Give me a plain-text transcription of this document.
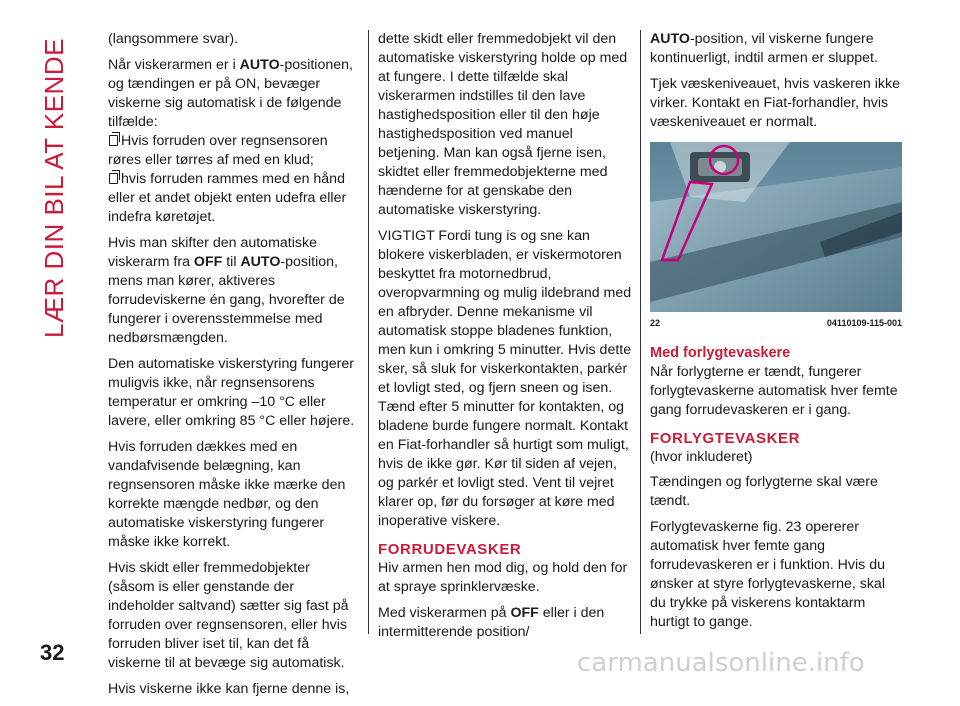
LÆR DIN BIL AT KENDE	(langsommere svar).

Når viskerarmen er i AUTO-positionen, og tændingen er på ON, bevæger viskerne sig automatisk i de følgende tilfælde:
Hvis forruden over regnsensoren røres eller tørres af med en klud;
hvis forruden rammes med en hånd eller et andet objekt enten udefra eller indefra køretøjet.

Hvis man skifter den automatiske viskerarm fra OFF til AUTO-position, mens man kører, aktiveres forrudeviskerne én gang, hvorefter de fungerer i overensstemmelse med nedbørsmængden.

Den automatiske viskerstyring fungerer muligvis ikke, når regnsensorens temperatur er omkring –10 °C eller lavere, eller omkring 85 °C eller højere.

Hvis forruden dækkes med en vandafvisende belægning, kan regnsensoren måske ikke mærke den korrekte mængde nedbør, og den automatiske viskerstyring fungerer måske ikke korrekt.

Hvis skidt eller fremmedobjekter (såsom is eller genstande der indeholder saltvand) sætter sig fast på forruden over regnsensoren, eller hvis forruden bliver iset til, kan det få viskerne til at bevæge sig automatisk.

Hvis viskerne ikke kan fjerne denne is,

dette skidt eller fremmedobjekt vil den automatiske viskerstyring holde op med at fungere. I dette tilfælde skal viskerarmen indstilles til den lave hastighedsposition eller til den høje hastighedsposition ved manuel betjening. Man kan også fjerne isen, skidtet eller fremmedobjekterne med hænderne for at genskabe den automatiske viskerstyring.

VIGTIGT Fordi tung is og sne kan blokere viskerbladen, er viskermotoren beskyttet fra motornedbrud, overopvarmning og mulig ildebrand med en afbryder. Denne mekanisme vil automatisk stoppe bladenes funktion, men kun i omkring 5 minutter. Hvis dette sker, så sluk for viskerkontakten, parkér et lovligt sted, og fjern sneen og isen. Tænd efter 5 minutter for kontakten, og bladene burde fungere normalt. Kontakt en Fiat-forhandler så hurtigt som muligt, hvis de ikke gør. Kør til siden af vejen, og parkér et lovligt sted. Vent til vejret klarer op, før du forsøger at køre med inoperative viskere.

FORRUDEVASKER

Hiv armen hen mod dig, og hold den for at spraye sprinklervæske.

Med viskerarmen på OFF eller i den intermitterende position/

AUTO-position, vil viskerne fungere kontinuerligt, indtil armen er sluppet.

Tjek væskeniveauet, hvis vaskeren ikke virker. Kontakt en Fiat-forhandler, hvis væskeniveauet er normalt.

22	04110109-115-001
Med forlygtevaskere

Når forlygterne er tændt, fungerer forlygtevaskerne automatisk hver femte gang forrudevaskeren er i gang.

FORLYGTEVASKER

(hvor inkluderet)

Tændingen og forlygterne skal være tændt.

Forlygtevaskerne fig. 23 opererer automatisk hver femte gang forrudevaskeren er i funktion. Hvis du ønsker at styre forlygtevaskerne, skal du trykke på viskerens kontaktarm hurtigt to gange.

32	carmanualsonline.info
